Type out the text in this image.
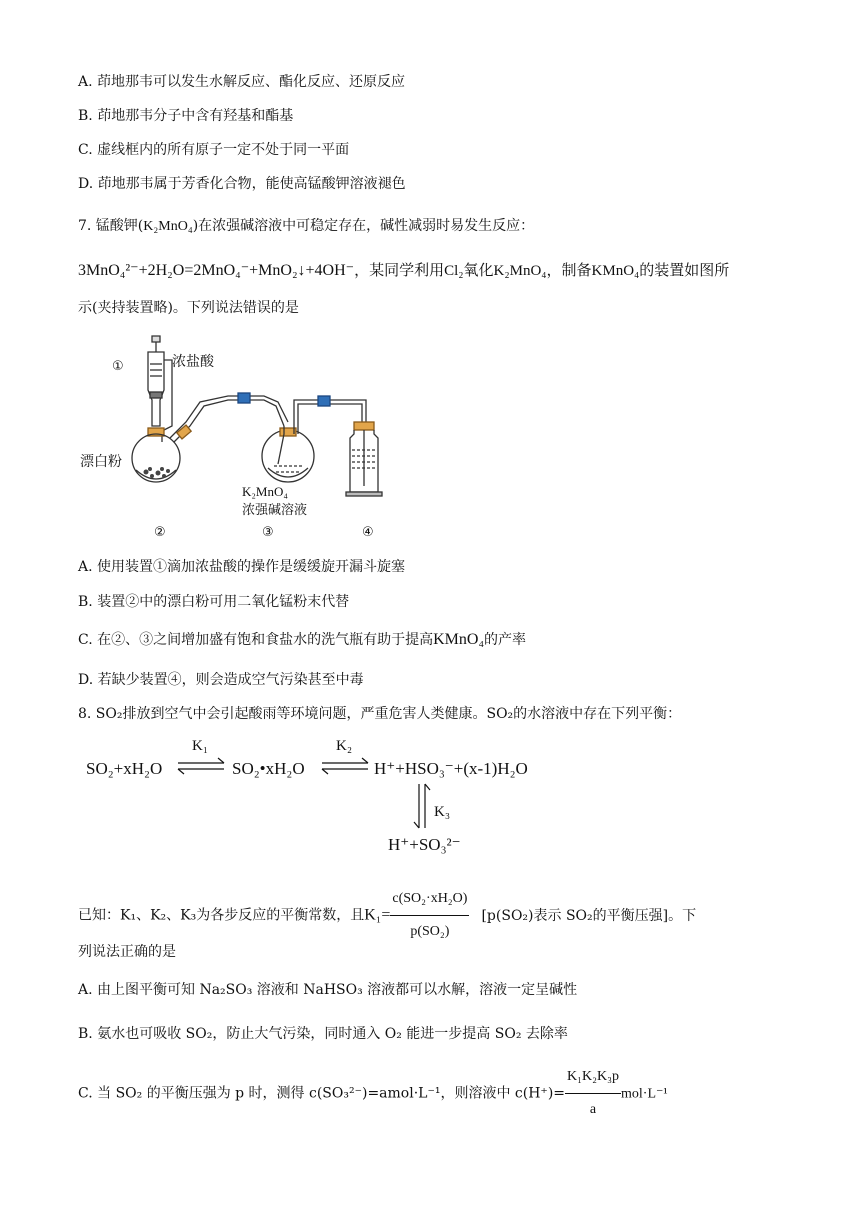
A. 茚地那韦可以发生水解反应、酯化反应、还原反应
B. 茚地那韦分子中含有羟基和酯基
C. 虚线框内的所有原子一定不处于同一平面
D. 茚地那韦属于芳香化合物，能使高锰酸钾溶液褪色
7. 锰酸钾(K₂MnO₄)在浓强碱溶液中可稳定存在，碱性减弱时易发生反应：
3MnO₄²⁻+2H₂O=2MnO₄⁻+MnO₂↓+4OH⁻，某同学利用Cl₂氧化K₂MnO₄，制备KMnO₄的装置如图所
示(夹持装置略)。下列说法错误的是
①	浓盐酸
漂白粉
K₂MnO₄
浓强碱溶液
②	③	④
A. 使用装置①滴加浓盐酸的操作是缓缓旋开漏斗旋塞
B. 装置②中的漂白粉可用二氧化锰粉末代替
C. 在②、③之间增加盛有饱和食盐水的洗气瓶有助于提高KMnO₄的产率
D. 若缺少装置④，则会造成空气污染甚至中毒
8. SO₂排放到空气中会引起酸雨等环境问题，严重危害人类健康。SO₂的水溶液中存在下列平衡：
SO₂+xH₂O
K₁
SO₂•xH₂O
K₂
H⁺+HSO₃⁻+(x-1)H₂O
K₃
H⁺+SO₃²⁻
已知：K₁、K₂、K₃为各步反应的平衡常数，且$K_1= \frac{\text{c(SO₂·xH₂O)}}{\text{p(SO₂)}} [p(SO_2)$表示 SO₂的平衡压强]。下
列说法正确的是
A. 由上图平衡可知 Na₂SO₃ 溶液和 NaHSO₃ 溶液都可以水解，溶液一定呈碱性
B. 氨水也可吸收 SO₂，防止大气污染，同时通入 O₂ 能进一步提高 SO₂ 去除率
C. 当 SO₂ 的平衡压强为 p 时，测得 c(SO₃²⁻)=amol·L⁻¹，则溶液中 $c(H^+)= \frac{\text{K₁K₂K₃p}}{a} mol\cdot L^{-1}$
